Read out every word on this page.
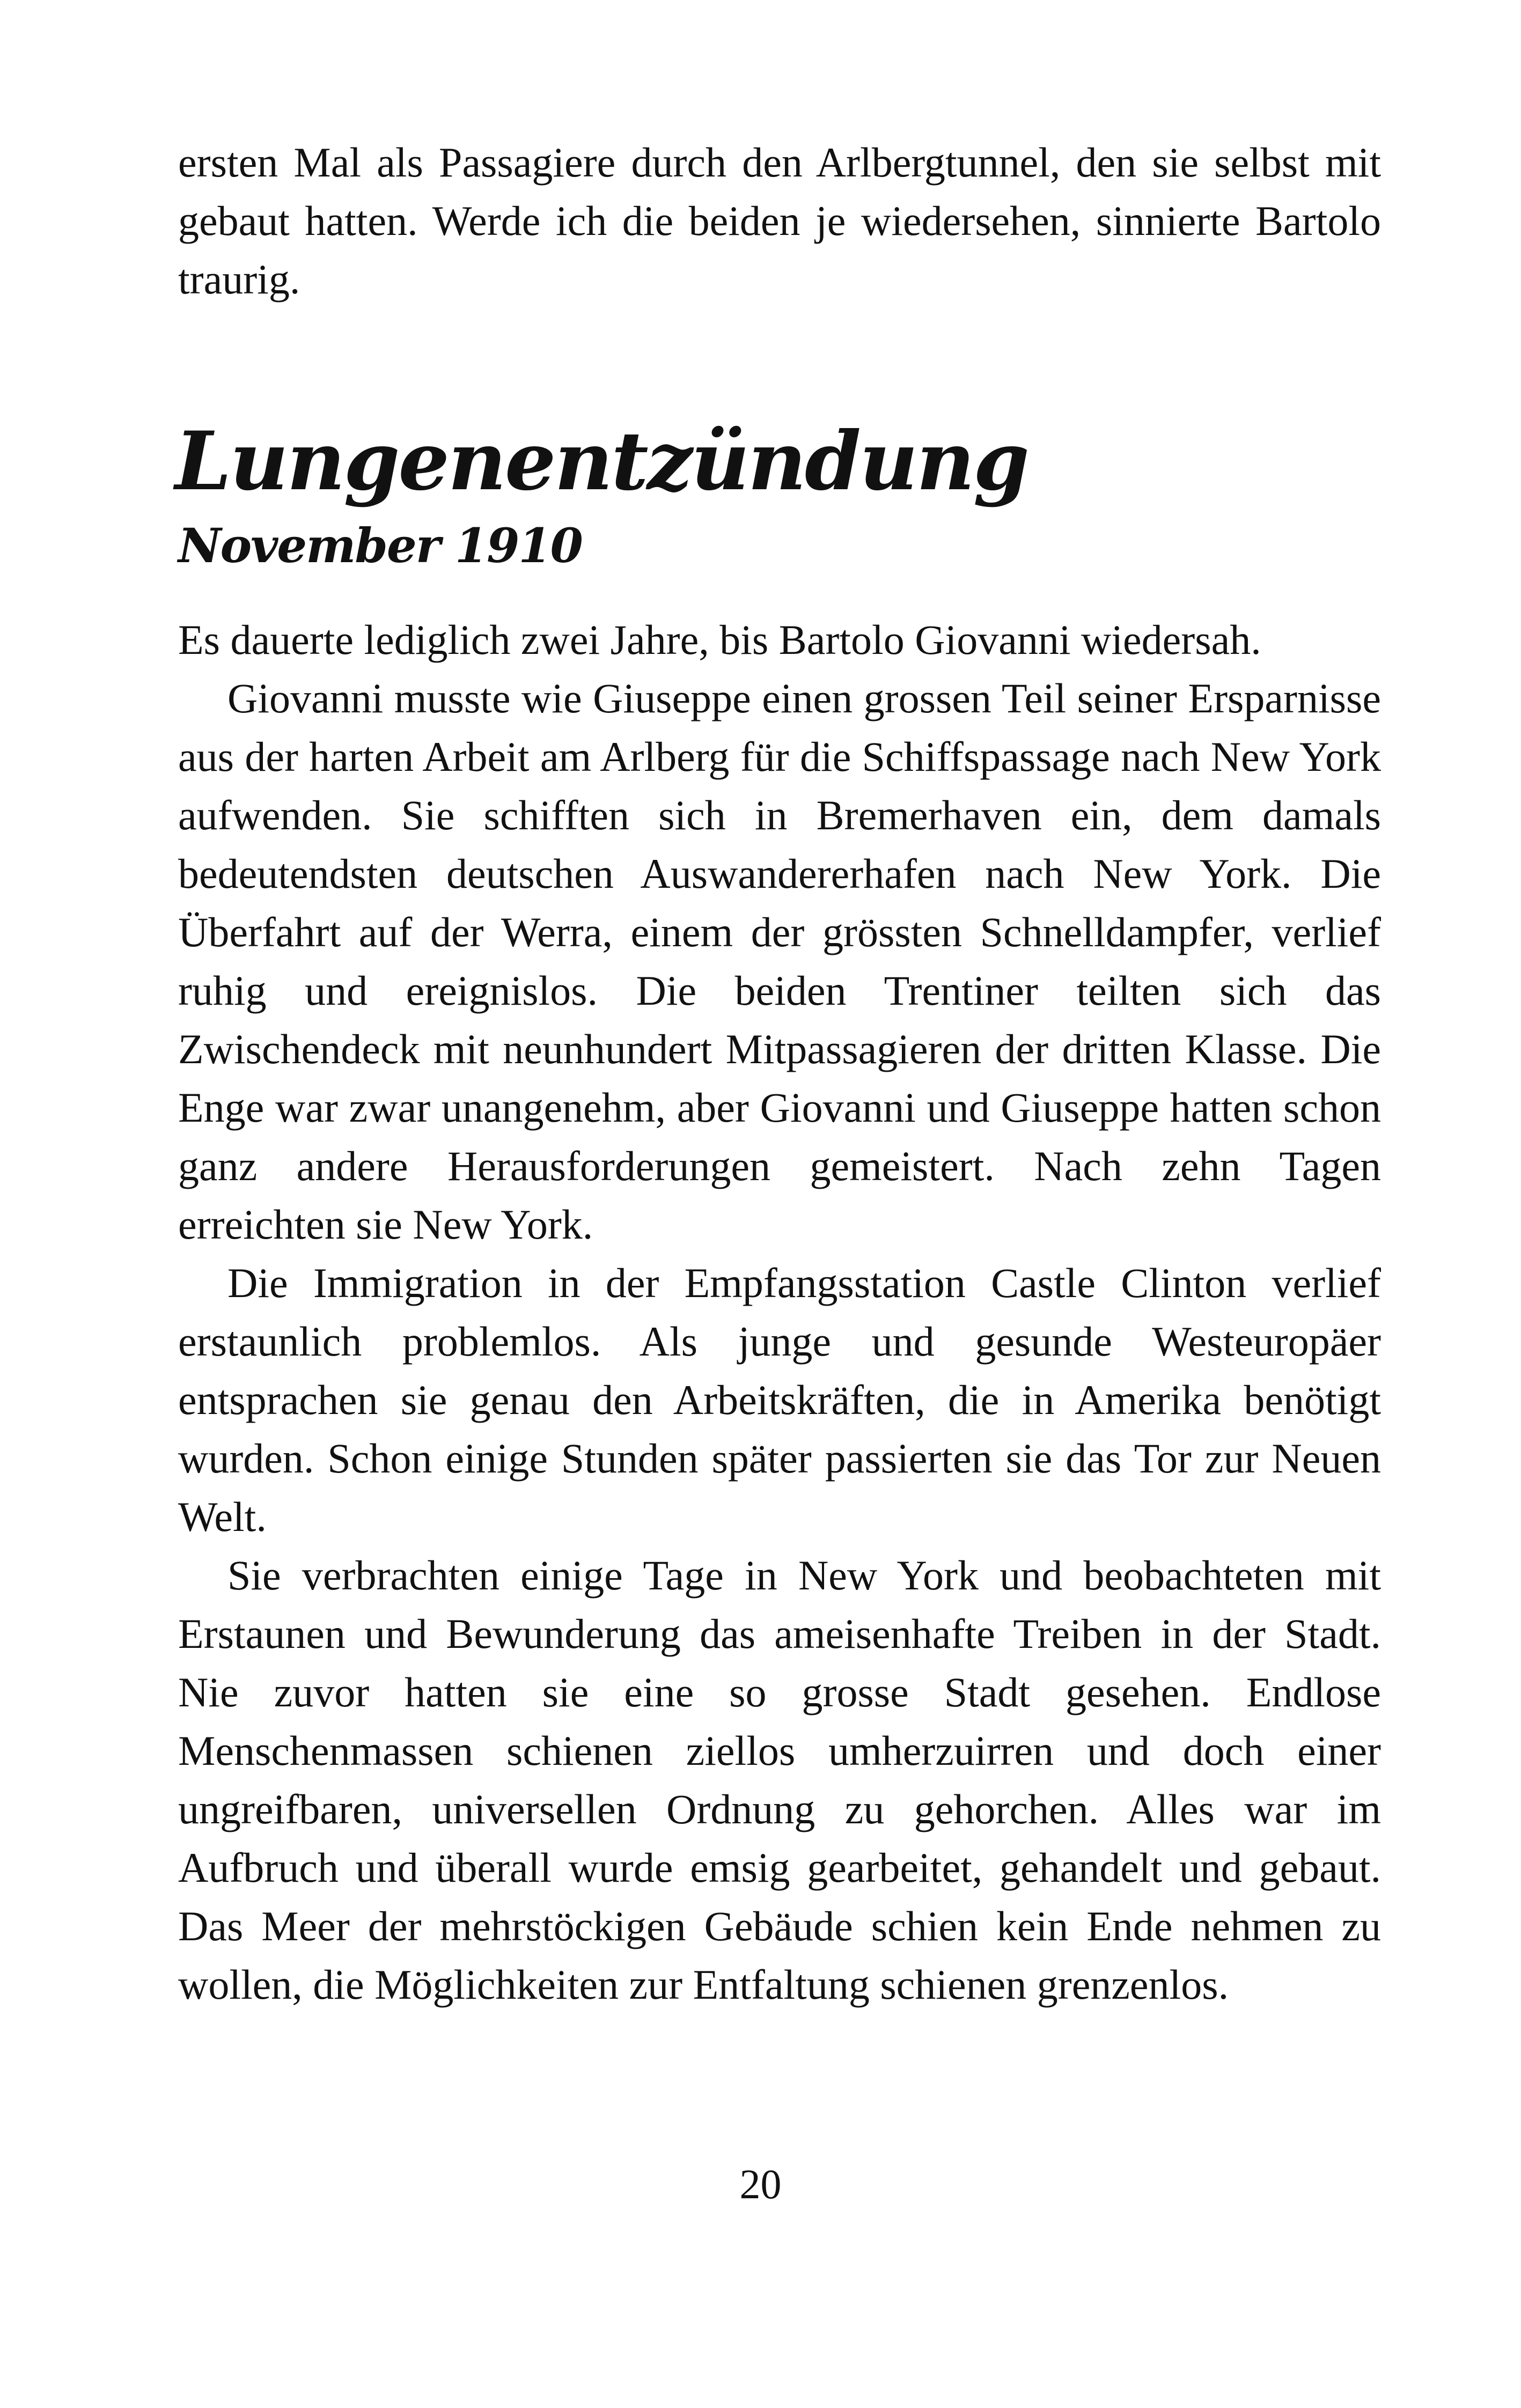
ersten Mal als Passagiere durch den Arlbergtunnel, den sie selbst mit gebaut hatten. Werde ich die beiden je wiedersehen, sinnierte Bartolo traurig.

Lungenentzündung
November 1910

Es dauerte lediglich zwei Jahre, bis Bartolo Giovanni wiedersah.

Giovanni musste wie Giuseppe einen grossen Teil seiner Ersparnisse aus der harten Arbeit am Arlberg für die Schiffspassage nach New York aufwenden. Sie schifften sich in Bremerhaven ein, dem damals bedeutendsten deutschen Auswandererhafen nach New York. Die Überfahrt auf der Werra, einem der grössten Schnelldampfer, verlief ruhig und ereignislos. Die beiden Trentiner teilten sich das Zwischendeck mit neunhundert Mitpassagieren der dritten Klasse. Die Enge war zwar unangenehm, aber Giovanni und Giuseppe hatten schon ganz andere Herausforderungen gemeistert. Nach zehn Tagen erreichten sie New York.

Die Immigration in der Empfangsstation Castle Clinton verlief erstaunlich problemlos. Als junge und gesunde Westeuropäer entsprachen sie genau den Arbeitskräften, die in Amerika benötigt wurden. Schon einige Stunden später passierten sie das Tor zur Neuen Welt.

Sie verbrachten einige Tage in New York und beobachteten mit Erstaunen und Bewunderung das ameisenhafte Treiben in der Stadt. Nie zuvor hatten sie eine so grosse Stadt gesehen. Endlose Menschenmassen schienen ziellos umherzuirren und doch einer ungreifbaren, universellen Ordnung zu gehorchen. Alles war im Aufbruch und überall wurde emsig gearbeitet, gehandelt und gebaut. Das Meer der mehrstöckigen Gebäude schien kein Ende nehmen zu wollen, die Möglichkeiten zur Entfaltung schienen grenzenlos.

20
